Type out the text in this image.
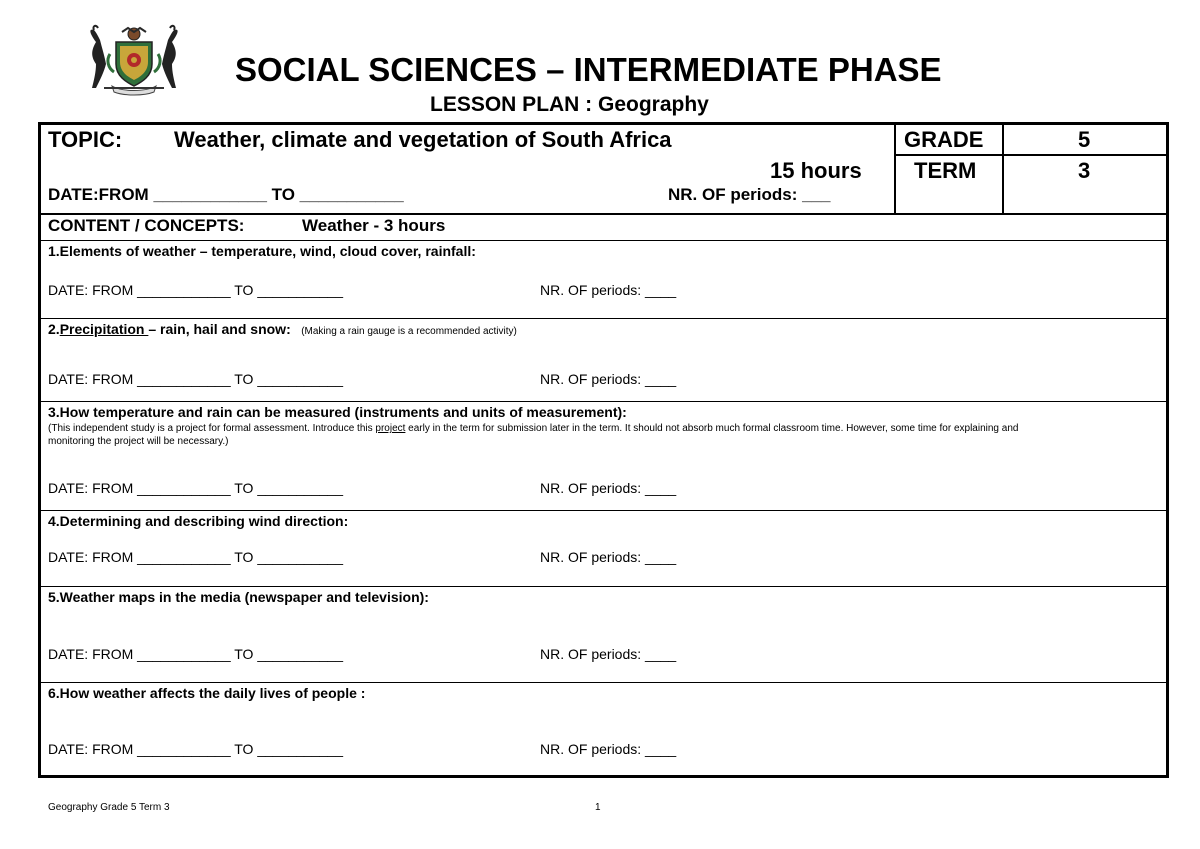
SOCIAL SCIENCES – INTERMEDIATE PHASE
LESSON PLAN : Geography
TOPIC: Weather, climate and vegetation of South Africa
15 hours
DATE:FROM ____________ TO ___________	NR. OF periods: ___
GRADE	5
TERM	3
CONTENT / CONCEPTS:	Weather - 3 hours
1.Elements of weather – temperature, wind, cloud cover, rainfall:
DATE: FROM ____________ TO ___________	NR. OF periods: ____
2.Precipitation – rain, hail and snow: (Making a rain gauge is a recommended activity)
DATE: FROM ____________ TO ___________	NR. OF periods: ____
3.How temperature and rain can be measured (instruments and units of measurement):
(This independent study is a project for formal assessment. Introduce this project early in the term for submission later in the term. It should not absorb much formal classroom time. However, some time for explaining and
monitoring the project will be necessary.)
DATE: FROM ____________ TO ___________	NR. OF periods: ____
4.Determining and describing wind direction:
DATE: FROM ____________ TO ___________	NR. OF periods: ____
5.Weather maps in the media (newspaper and television):
DATE: FROM ____________ TO ___________	NR. OF periods: ____
6.How weather affects the daily lives of people :
DATE: FROM ____________ TO ___________	NR. OF periods: ____
Geography Grade 5 Term 3	1
